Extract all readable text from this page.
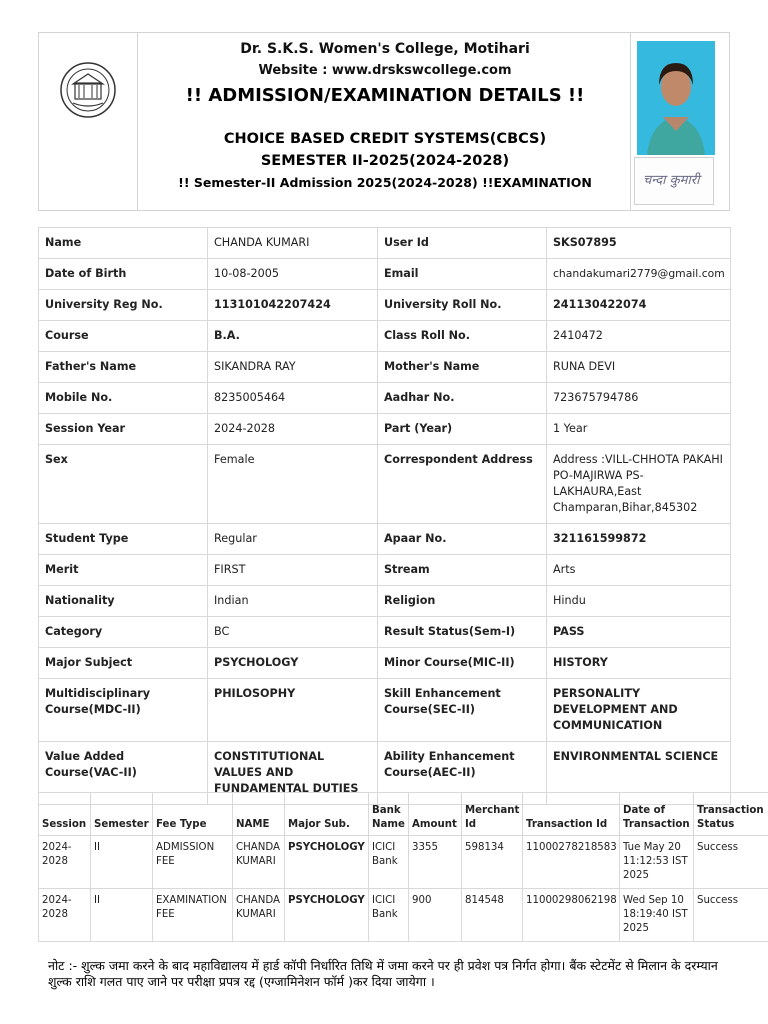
Dr. S.K.S. Women's College, Motihari
Website : www.drskswcollege.com
!! ADMISSION/EXAMINATION DETAILS !!
CHOICE BASED CREDIT SYSTEMS(CBCS)
SEMESTER II-2025(2024-2028)
!! Semester-II Admission 2025(2024-2028) !!EXAMINATION	चन्दा कुमारी
Name	CHANDA KUMARI	User Id	SKS07895
Date of Birth	10-08-2005	Email	chandakumari2779@gmail.com
University Reg No.	113101042207424	University Roll No.	241130422074
Course	B.A.	Class Roll No.	2410472
Father's Name	SIKANDRA RAY	Mother's Name	RUNA DEVI
Mobile No.	8235005464	Aadhar No.	723675794786
Session Year	2024-2028	Part (Year)	1 Year
Sex	Female	Correspondent Address	Address :VILL-CHHOTA PAKAHI PO-MAJIRWA PS-LAKHAURA,East Champaran,Bihar,845302
Student Type	Regular	Apaar No.	321161599872
Merit	FIRST	Stream	Arts
Nationality	Indian	Religion	Hindu
Category	BC	Result Status(Sem-I)	PASS
Major Subject	PSYCHOLOGY	Minor Course(MIC-II)	HISTORY
Multidisciplinary Course(MDC-II)	PHILOSOPHY	Skill Enhancement Course(SEC-II)	PERSONALITY DEVELOPMENT AND COMMUNICATION
Value Added Course(VAC-II)	CONSTITUTIONAL VALUES AND FUNDAMENTAL DUTIES	Ability Enhancement Course(AEC-II)	ENVIRONMENTAL SCIENCE
Session	Semester	Fee Type	NAME	Major Sub.	Bank Name	Amount	Merchant Id	Transaction Id	Date of Transaction	Transaction Status
2024-2028	II	ADMISSION FEE	CHANDA KUMARI	PSYCHOLOGY	ICICI Bank	3355	598134	11000278218583	Tue May 20 11:12:53 IST 2025	Success
2024-2028	II	EXAMINATION FEE	CHANDA KUMARI	PSYCHOLOGY	ICICI Bank	900	814548	11000298062198	Wed Sep 10 18:19:40 IST 2025	Success
नोट :- शुल्क जमा करने के बाद महाविद्यालय में हार्ड कॉपी निर्धारित तिथि में जमा करने पर ही प्रवेश पत्र निर्गत होगा। बैंक स्टेटमेंट से मिलान के दरम्यान शुल्क राशि गलत पाए जाने पर परीक्षा प्रपत्र रद्द (एग्जामिनेशन फॉर्म )कर दिया जायेगा ।
